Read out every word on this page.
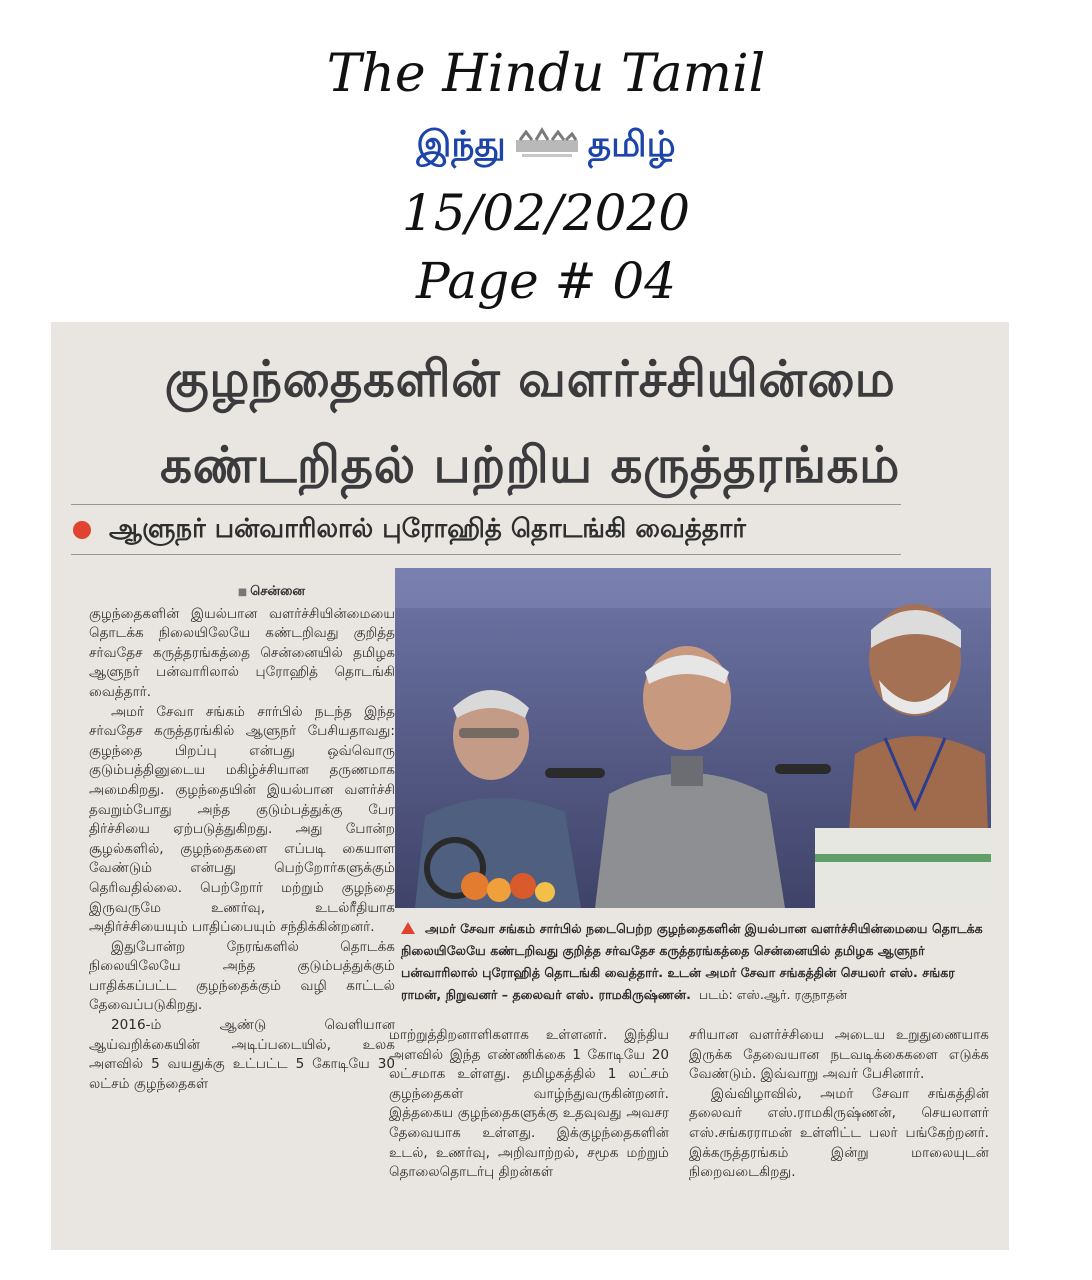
The Hindu Tamil
இந்து தமிழ்
15/02/2020
Page # 04
குழந்தைகளின் வளர்ச்சியின்மை
கண்டறிதல் பற்றிய கருத்தரங்கம்
ஆளுநர் பன்வாரிலால் புரோஹித் தொடங்கி வைத்தார்
■ சென்னை

குழந்தைகளின் இயல்பான வளர்ச்சியின்மையை தொடக்க நிலையிலேயே கண்டறிவது குறித்த சர்வதேச கருத்தரங்கத்தை சென்னையில் தமிழக ஆளுநர் பன்வாரிலால் புரோஹித் தொடங்கி வைத்தார்.

அமர் சேவா சங்கம் சார்பில் நடந்த இந்த சர்வதேச கருத்தரங்கில் ஆளுநர் பேசியதாவது: குழந்தை பிறப்பு என்பது ஒவ்வொரு குடும்பத்தினுடைய மகிழ்ச்சியான தருணமாக அமைகிறது. குழந்தையின் இயல்பான வளர்ச்சி தவறும்போது அந்த குடும்பத்துக்கு பேர திர்ச்சியை ஏற்படுத்துகிறது. அது போன்ற சூழல்களில், குழந்தைகளை எப்படி கையாள வேண்டும் என்பது பெற்றோர்களுக்கும் தெரிவதில்லை. பெற்றோர் மற்றும் குழந்தை இருவருமே உணர்வு, உடல்ரீதியாக அதிர்ச்சியையும் பாதிப்பையும் சந்திக்கின்றனர்.

இதுபோன்ற நேரங்களில் தொடக்க நிலையிலேயே அந்த குடும்பத்துக்கும் பாதிக்கப்பட்ட குழந்தைக்கும் வழி காட்டல் தேவைப்படுகிறது.

2016-ம் ஆண்டு வெளியான ஆய்வறிக்கையின் அடிப்படையில், உலக அளவில் 5 வயதுக்கு உட்பட்ட 5 கோடியே 30 லட்சம் குழந்தைகள்

அமர் சேவா சங்கம் சார்பில் நடைபெற்ற குழந்தைகளின் இயல்பான வளர்ச்சியின்மையை தொடக்க நிலையிலேயே கண்டறிவது குறித்த சர்வதேச கருத்தரங்கத்தை சென்னையில் தமிழக ஆளுநர் பன்வாரிலால் புரோஹித் தொடங்கி வைத்தார். உடன் அமர் சேவா சங்கத்தின் செயலர் எஸ். சங்கர ராமன், நிறுவனர் – தலைவர் எஸ். ராமகிருஷ்ணன். படம்: எஸ்.ஆர். ரகுநாதன்

மாற்றுத்திறனாளிகளாக உள்ளனர். இந்திய அளவில் இந்த எண்ணிக்கை 1 கோடியே 20 லட்சமாக உள்ளது. தமிழகத்தில் 1 லட்சம் குழந்தைகள் வாழ்ந்துவருகின்றனர். இத்தகைய குழந்தைகளுக்கு உதவுவது அவசர தேவையாக உள்ளது. இக்குழந்தைகளின் உடல், உணர்வு, அறிவாற்றல், சமூக மற்றும் தொலைதொடர்பு திறன்கள்

சரியான வளர்ச்சியை அடைய உறுதுணையாக இருக்க தேவையான நடவடிக்கைகளை எடுக்க வேண்டும். இவ்வாறு அவர் பேசினார்.

இவ்விழாவில், அமர் சேவா சங்கத்தின் தலைவர் எஸ்.ராமகிருஷ்ணன், செயலாளர் எஸ்.சங்கரராமன் உள்ளிட்ட பலர் பங்கேற்றனர். இக்கருத்தரங்கம் இன்று மாலையுடன் நிறைவடைகிறது.
